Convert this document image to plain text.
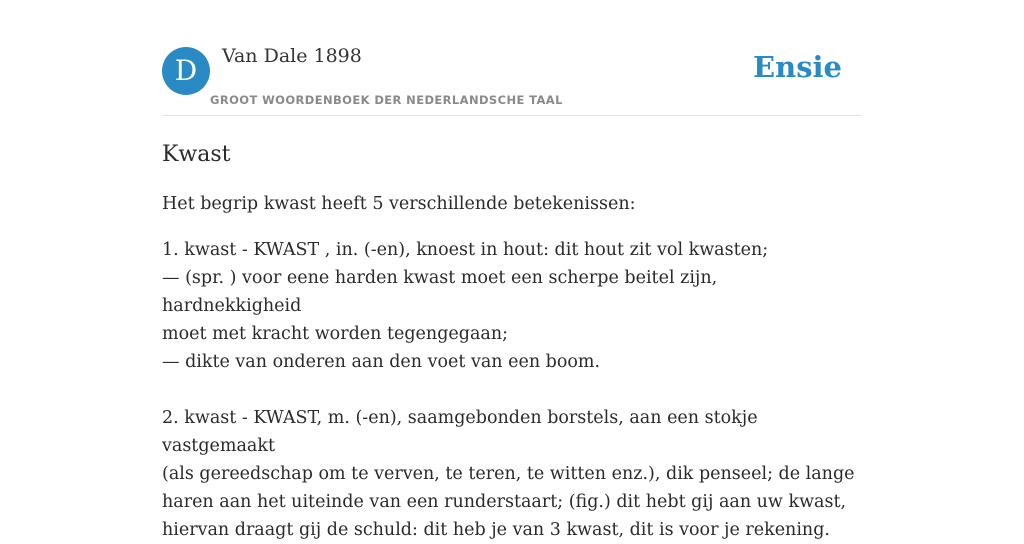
D	Van Dale 1898
GROOT WOORDENBOEK DER NEDERLANDSCHE TAAL
Ensie
Kwast

Het begrip kwast heeft 5 verschillende betekenissen:

1. kwast - KWAST , in. (-en), knoest in hout: dit hout zit vol kwasten;
— (spr. ) voor eene harden kwast moet een scherpe beitel zijn, hardnekkigheid
moet met kracht worden tegengegaan;
— dikte van onderen aan den voet van een boom.

2. kwast - KWAST, m. (-en), saamgebonden borstels, aan een stokje vastgemaakt
(als gereedschap om te verven, te teren, te witten enz.), dik penseel; de lange
haren aan het uiteinde van een runderstaart; (fig.) dit hebt gij aan uw kwast,
hiervan draagt gij de schuld: dit heb je van 3 kwast, dit is voor je rekening.
